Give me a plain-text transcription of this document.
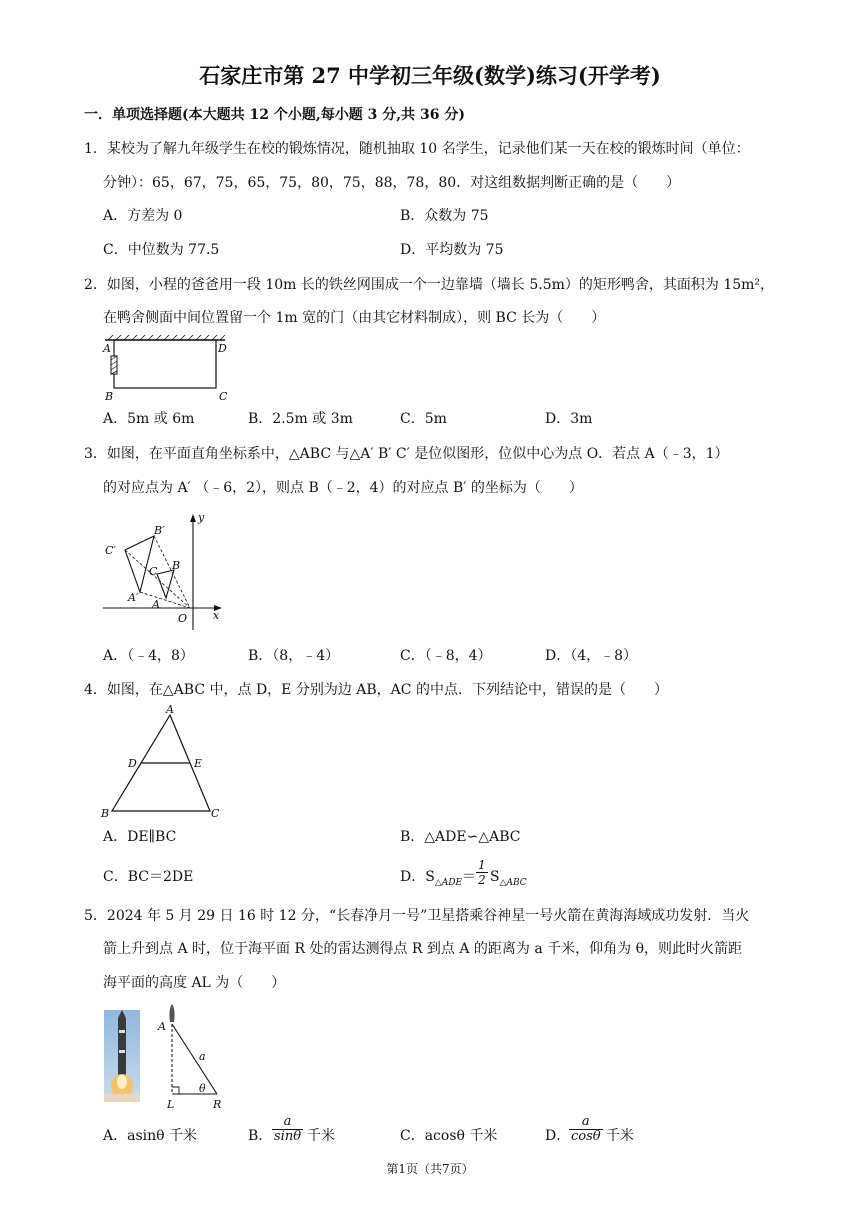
石家庄市第 27 中学初三年级(数学)练习(开学考)
一．单项选择题(本大题共 12 个小题,每小题 3 分,共 36 分)
1．某校为了解九年级学生在校的锻炼情况，随机抽取 10 名学生，记录他们某一天在校的锻炼时间（单位：
分钟）：65，67，75，65，75，80，75，88，78，80．对这组数据判断正确的是（　　）
A．方差为 0	B．众数为 75
C．中位数为 77.5	D．平均数为 75
2．如图，小程的爸爸用一段 10m 长的铁丝网围成一个一边靠墙（墙长 5.5m）的矩形鸭舍，其面积为 15m²，
在鸭舍侧面中间位置留一个 1m 宽的门（由其它材料制成），则 BC 长为（　　）
A	D
B	C
A．5m 或 6m	B．2.5m 或 3m	C．5m	D．3m
3．如图，在平面直角坐标系中，△ABC 与△A′ B′ C′ 是位似图形，位似中心为点 O．若点 A（﹣3，1）
的对应点为 A′ （﹣6，2），则点 B（﹣2，4）的对应点 B′ 的坐标为（　　）
C′
B′
A′
C B
A
y
x
O
A．（﹣4，8）	B．（8，﹣4）	C．（﹣8，4）	D．（4，﹣8）
4．如图，在△ABC 中，点 D，E 分别为边 AB，AC 的中点．下列结论中，错误的是（　　）
A
D	E
B	C
A．DE∥BC	B．△ADE∽△ABC
C．BC＝2DE	D．$S_{\triangle ADE}= \frac{1}{2} S_{\triangle ABC}$
5．2024 年 5 月 29 日 16 时 12 分，“长春净月一号”卫星搭乘谷神星一号火箭在黄海海域成功发射．当火
箭上升到点 A 时，位于海平面 R 处的雷达测得点 R 到点 A 的距离为 a 千米，仰角为 θ，则此时火箭距
海平面的高度 AL 为（　　）
A
a
θ
L	R
A．asinθ 千米	B． $\frac{a}{\sin\theta}$ 千米	C．acosθ 千米	D．
$\frac{a}{\cos\theta}$ 千米
第1页（共7页）
